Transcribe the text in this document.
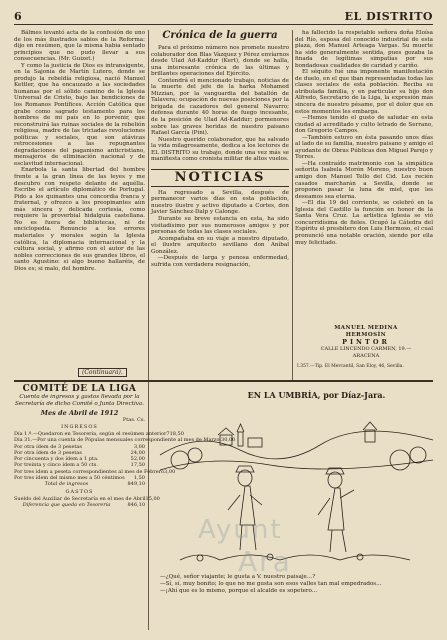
6	EL DISTRITO

Bálmes levantó acta de la confesión de uno de los más ilustrados sabios de la Reforma: dijo en resúmen, que la misma habia sentado principios que no pudo llevar a sus consecuencias. (Mr. Guizet.)

Y como la justicia de Dios es intransigente, en la Sajonia de Martín Lutero, donde se produjo la rebeldía religiosa, nació Manuel Kettler, que ha encauzado a las sociedades humanas por el sólido camino de la Iglesia Universal de Cristo, bajo las bendiciones de los Romanos Pontífices. Acción Católica que grabe como sagrado testamento para los hombres de mi país en lo porvenir, que reconstruirá las ruinas sociales de la rebelión religiosa, madre de las triciadas revoluciones políticas y sociales, que son atávicas retrocesiones a las repugnantes degradaciones del paganismo anticristiano, mensajeros de eliminación nacional y de esclavitud internacional.

Enarbola la santa libertad del hombre frente a la gran línea de las leyes y me descubro con respeto delante de aquélla. Escribe el artículo diplomático de Portugal. Pido a los quinantes una concordia franca y fraternal, y ofrezco a los preopinantes aún más sincera y delicada cortesía, como requiere la proverbial hidalguía castellana. No es fuera de bibliotecas, ni de enciclopedia. Renuncio a los errores materiales y morales según la Iglesia católica, la diplomacia internacional y la cultura social, y afirmo con el autor de las nobles correcciones de sus grandes libros, el santo Agustino: si algo bueno hallaréis, de Dios es; si malo, del hombre.

(Continuará).
Crónica de la guerra

Para el próximo número nos promete nuestro colaborador don Blas Vázquez y Pérez envíarnos desde Ulad Ad-Kaddur (Kert), donde se halla, una interesante crónica de las últimas y brillantes operaciones del Ejército.

Contendrá el mencionado trabajo, noticias de la muerte del jefe de la harka Mohamed Mizzian, por la vanguardia del batallón de Talavera; ocupación de nuevas posiciones por la brigada de cazadores del general Navarro; defensa durante 40 horas de fuego incesante, de la posición de Ulad Ad-Kaddur; pormenores sobre las graves heridas de nuestro paisano Rafael García (Pini).

Nuestro querido colaborador, que ha salvado la vida milagrosamente, dedica a los lectores de EL DISTRITO su trabajo, donde una vez más se manifiesta como cronista militar de altos vuelos.

NOTICIAS

Ha regresado a Sevilla, después de permanecer varios días en esta población, nuestro ilustre y activo diputado a Cortes, don Javier Sánchez-Dalp y Calonge.

Durante su breve estancia en esta, ha sido visitadísimo por sus numerosos amigos y por personas de todas las clases sociales.

Acompañaba en su viaje a nuestro diputado, el ilustre arquitecto sevillano don Aníbal González.

—Después de larga y penosa enfermedad, sufrida con verdadera resignación,

ha fallecido la respetable señora doña Eloísa del Río, esposa del conocido industrial de esta plaza, don Manuel Arteaga Vargas. Su muerte ha sido generalmente sentida, pues gozaba la finada de legítimas simpatías por sus bondadosas cualidades de caridad y cariño.

El séquito fué una imponente manifestación de duelo, en el que iban representadas todas las clases sociales de esta población. Reciba su atribulada familia, y en particular su hijo don Alfredo, Secretario de la Liga, la expresión más sincera de nuestro pésame, por el dolor que en estos momentos les embarga.

—Hemos tenido el gusto de saludar en esta ciudad al acreditado y culto letrado de Serrano, don Gregorio Campos.

—También estuvo en ésta pasando unos días al lado de su familia, nuestro paisano y amigo el ayudante de Obras Públicas don Miguel Parejo y Torres.

—Ha contraído matrimonio con la simpática señorita Isabela Morón Moreno, nuestro buen amigo don Manuel Tello del Cid. Los recién casados marcharán a Sevilla, donde se proponen pasar la luna de miel, que les deseamos sea eterna.

—El día 19 del corriente, se celebró en la Iglesia del Castillo la función en honor de la Santa Vera Cruz. La artística Iglesia se vió concurridísima de fieles. Ocupó la Cátedra del Espíritu el presbítero don Luis Hermoso, el cual pronunció una notable oración, siendo por ella muy felicitado.

MANUEL MEDINA HERMOSÍN
PINTOR
CALLE LINCENDO CARMEN, 19.—ARACENA
I.357.—Tip. El Mercantil, San Eloy, 46, Sevilla.
COMITÉ DE LA LIGA
Cuenta de ingresos y gastos llevada por la Secretaría de dicho Comité o Junta Directiva.
Mes de Abril de 1912
Ptas. Cs.
INGRESOS
Día 1.º.—Quedaron en Tesorería, según el resúmen anterior 718,50
Día 31.—Por una cuenta de Pópulas mensuales correspondiente al mes de Marzo. 30,00
Por otra ídem de 3 pesetas	3,00
Por otra ídem de 3 pesetas	24,00
Por cincuenta y dos ídem a 1 pta.	52,00
Por treinta y cinco ídem a 50 cts.	17,50
Por tres ídem a peseta correspondientes al mes de Febrero 3,00
Por tres ídem del mismo mes a 50 céntimos	1,50
Total de ingresos	849,10
GASTOS
Sueldo del Auxiliar de Secretaría en el mes de Abril 15,00
Diferencia que queda en Tesorería	846,10
EN LA UMBRÍA, por Díaz-Jara.
Ayunt
Ara
—¿Qué, señor viajante; le gusta a V. nuestro paisaje...?
—Sí, sí, muy bonito; lo que no me gusta son esos valles tan mal empedrados...
—¡Ahí que es lo mismo, porque el alcalde es sopetero...
